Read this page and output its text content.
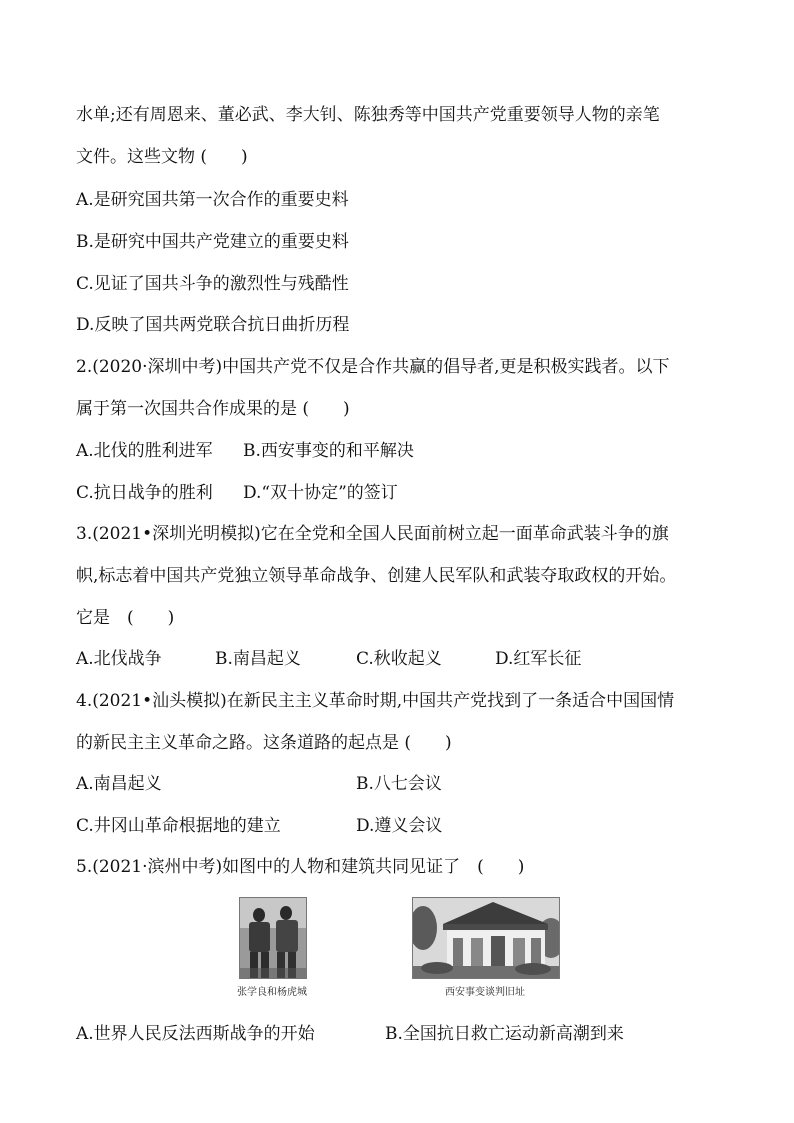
水单;还有周恩来、董必武、李大钊、陈独秀等中国共产党重要领导人物的亲笔
文件。这些文物 (　　)
A.是研究国共第一次合作的重要史料
B.是研究中国共产党建立的重要史料
C.见证了国共斗争的激烈性与残酷性
D.反映了国共两党联合抗日曲折历程
2.(2020·深圳中考)中国共产党不仅是合作共赢的倡导者,更是积极实践者。以下
属于第一次国共合作成果的是 (　　)
A.北伐的胜利进军 B.西安事变的和平解决
C.抗日战争的胜利 D.“双十协定”的签订
3.(2021•深圳光明模拟)它在全党和全国人民面前树立起一面革命武装斗争的旗
帜,标志着中国共产党独立领导革命战争、创建人民军队和武装夺取政权的开始。
它是　(　　)
A.北伐战争	B.南昌起义	C.秋收起义	D.红军长征
4.(2021•汕头模拟)在新民主主义革命时期,中国共产党找到了一条适合中国国情
的新民主主义革命之路。这条道路的起点是 (　　)
A.南昌起义	B.八七会议
C.井冈山革命根据地的建立	D.遵义会议
5.(2021·滨州中考)如图中的人物和建筑共同见证了　(　　)
张学良和杨虎城	西安事变谈判旧址
A.世界人民反法西斯战争的开始	B.全国抗日救亡运动新高潮到来
